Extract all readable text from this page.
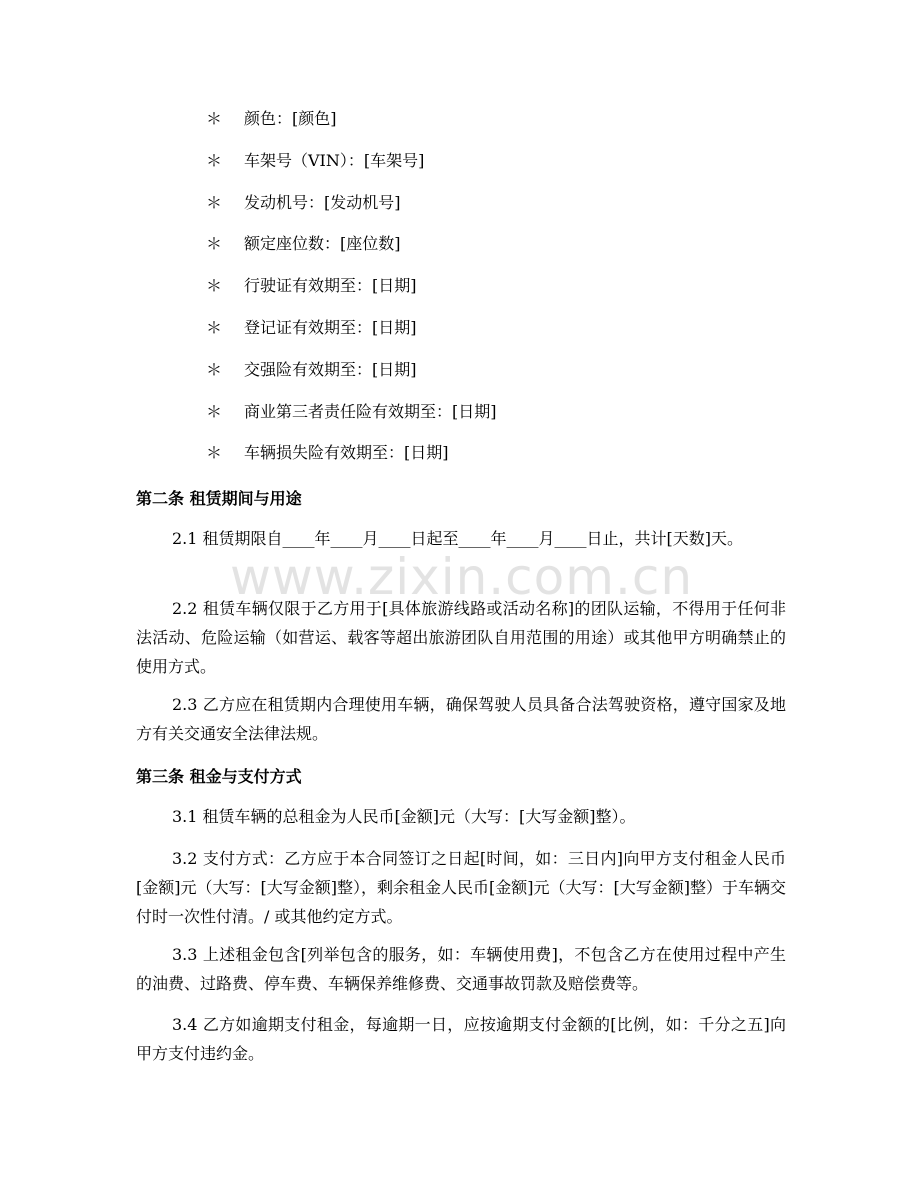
＊ 颜色：[颜色]
＊ 车架号（VIN）：[车架号]
＊ 发动机号：[发动机号]
＊ 额定座位数：[座位数]
＊ 行驶证有效期至：[日期]
＊ 登记证有效期至：[日期]
＊ 交强险有效期至：[日期]
＊ 商业第三者责任险有效期至：[日期]
＊ 车辆损失险有效期至：[日期]
第二条 租赁期间与用途

2.1 租赁期限自____年____月____日起至____年____月____日止，共计[天数]天。

2.2 租赁车辆仅限于乙方用于[具体旅游线路或活动名称]的团队运输，不得用于任何非法活动、危险运输（如营运、载客等超出旅游团队自用范围的用途）或其他甲方明确禁止的使用方式。

2.3 乙方应在租赁期内合理使用车辆，确保驾驶人员具备合法驾驶资格，遵守国家及地方有关交通安全法律法规。

第三条 租金与支付方式

3.1 租赁车辆的总租金为人民币[金额]元（大写：[大写金额]整）。

3.2 支付方式：乙方应于本合同签订之日起[时间，如：三日内]向甲方支付租金人民币[金额]元（大写：[大写金额]整），剩余租金人民币[金额]元（大写：[大写金额]整）于车辆交付时一次性付清。/ 或其他约定方式。

3.3 上述租金包含[列举包含的服务，如：车辆使用费]，不包含乙方在使用过程中产生的油费、过路费、停车费、车辆保养维修费、交通事故罚款及赔偿费等。

3.4 乙方如逾期支付租金，每逾期一日，应按逾期支付金额的[比例，如：千分之五]向甲方支付违约金。

www.zixin.com.cn
